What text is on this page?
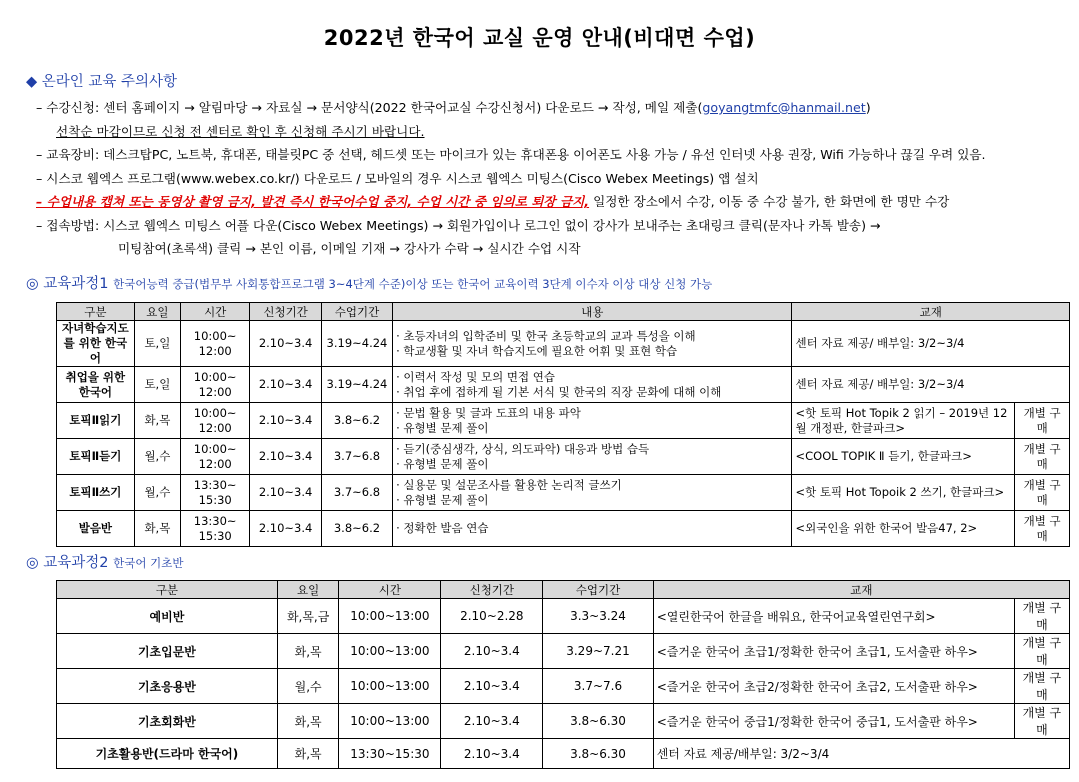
2022년 한국어 교실 운영 안내(비대면 수업)
◆ 온라인 교육 주의사항
– 수강신청: 센터 홈페이지 → 알림마당 → 자료실 → 문서양식(2022 한국어교실 수강신청서) 다운로드 → 작성, 메일 제출(goyangtmfc@hanmail.net)
선착순 마감이므로 신청 전 센터로 확인 후 신청해 주시기 바랍니다.
– 교육장비: 데스크탑PC, 노트북, 휴대폰, 태블릿PC 중 선택, 헤드셋 또는 마이크가 있는 휴대폰용 이어폰도 사용 가능 / 유선 인터넷 사용 권장, Wifi 가능하나 끊길 우려 있음.
– 시스코 웹엑스 프로그램(www.webex.co.kr/) 다운로드 / 모바일의 경우 시스코 웹엑스 미팅스(Cisco Webex Meetings) 앱 설치
– 수업내용 캡쳐 또는 동영상 촬영 금지, 발견 즉시 한국어수업 중지, 수업 시간 중 임의로 퇴장 금지, 일정한 장소에서 수강, 이동 중 수강 불가, 한 화면에 한 명만 수강
– 접속방법: 시스코 웹엑스 미팅스 어플 다운(Cisco Webex Meetings) → 회원가입이나 로그인 없이 강사가 보내주는 초대링크 클릭(문자나 카톡 발송) →
미팅참여(초록색) 클릭 → 본인 이름, 이메일 기재 → 강사가 수락 → 실시간 수업 시작
◎ 교육과정1 한국어능력 중급(법무부 사회통합프로그램 3~4단계 수준)이상 또는 한국어 교육이력 3단계 이수자 이상 대상 신청 가능
구분	요일	시간	신청기간	수업기간	내용	교재	
자녀학습지도를 위한 한국어	토,일	10:00~ 12:00	2.10~3.4	3.19~4.24	· 초등자녀의 입학준비 및 한국 초등학교의 교과 특성을 이해
· 학교생활 및 자녀 학습지도에 필요한 어휘 및 표현 학습	센터 자료 제공/ 배부일: 3/2~3/4	
취업을 위한 한국어	토,일	10:00~ 12:00	2.10~3.4	3.19~4.24	· 이력서 작성 및 모의 면접 연습
· 취업 후에 접하게 될 기본 서식 및 한국의 직장 문화에 대해 이해	센터 자료 제공/ 배부일: 3/2~3/4	
토픽Ⅱ읽기	화,목	10:00~ 12:00	2.10~3.4	3.8~6.2	· 문법 활용 및 글과 도표의 내용 파악
· 유형별 문제 풀이	<핫 토픽 Hot Topik 2 읽기 – 2019년 12월 개정판, 한글파크>	개별 구매
토픽Ⅱ듣기	월,수	10:00~ 12:00	2.10~3.4	3.7~6.8	· 듣기(중심생각, 상식, 의도파악) 대응과 방법 습득
· 유형별 문제 풀이	<COOL TOPIK Ⅱ 듣기, 한글파크>	개별 구매
토픽Ⅱ쓰기	월,수	13:30~ 15:30	2.10~3.4	3.7~6.8	· 실용문 및 설문조사를 활용한 논리적 글쓰기
· 유형별 문제 풀이	<핫 토픽 Hot Topoik 2 쓰기, 한글파크>	개별 구매
발음반	화,목	13:30~ 15:30	2.10~3.4	3.8~6.2	· 정확한 발음 연습	<외국인을 위한 한국어 발음47, 2>	개별 구매
◎ 교육과정2 한국어 기초반
구분	요일	시간	신청기간	수업기간	교재	
예비반	화,목,금	10:00~13:00	2.10~2.28	3.3~3.24	<열린한국어 한글을 배워요, 한국어교육열린연구회>	개별 구매
기초입문반	화,목	10:00~13:00	2.10~3.4	3.29~7.21	<즐거운 한국어 초급1/정확한 한국어 초급1, 도서출판 하우>	개별 구매
기초응용반	월,수	10:00~13:00	2.10~3.4	3.7~7.6	<즐거운 한국어 초급2/정확한 한국어 초급2, 도서출판 하우>	개별 구매
기초회화반	화,목	10:00~13:00	2.10~3.4	3.8~6.30	<즐거운 한국어 중급1/정확한 한국어 중급1, 도서출판 하우>	개별 구매
기초활용반(드라마 한국어)	화,목	13:30~15:30	2.10~3.4	3.8~6.30	센터 자료 제공/배부일: 3/2~3/4	
